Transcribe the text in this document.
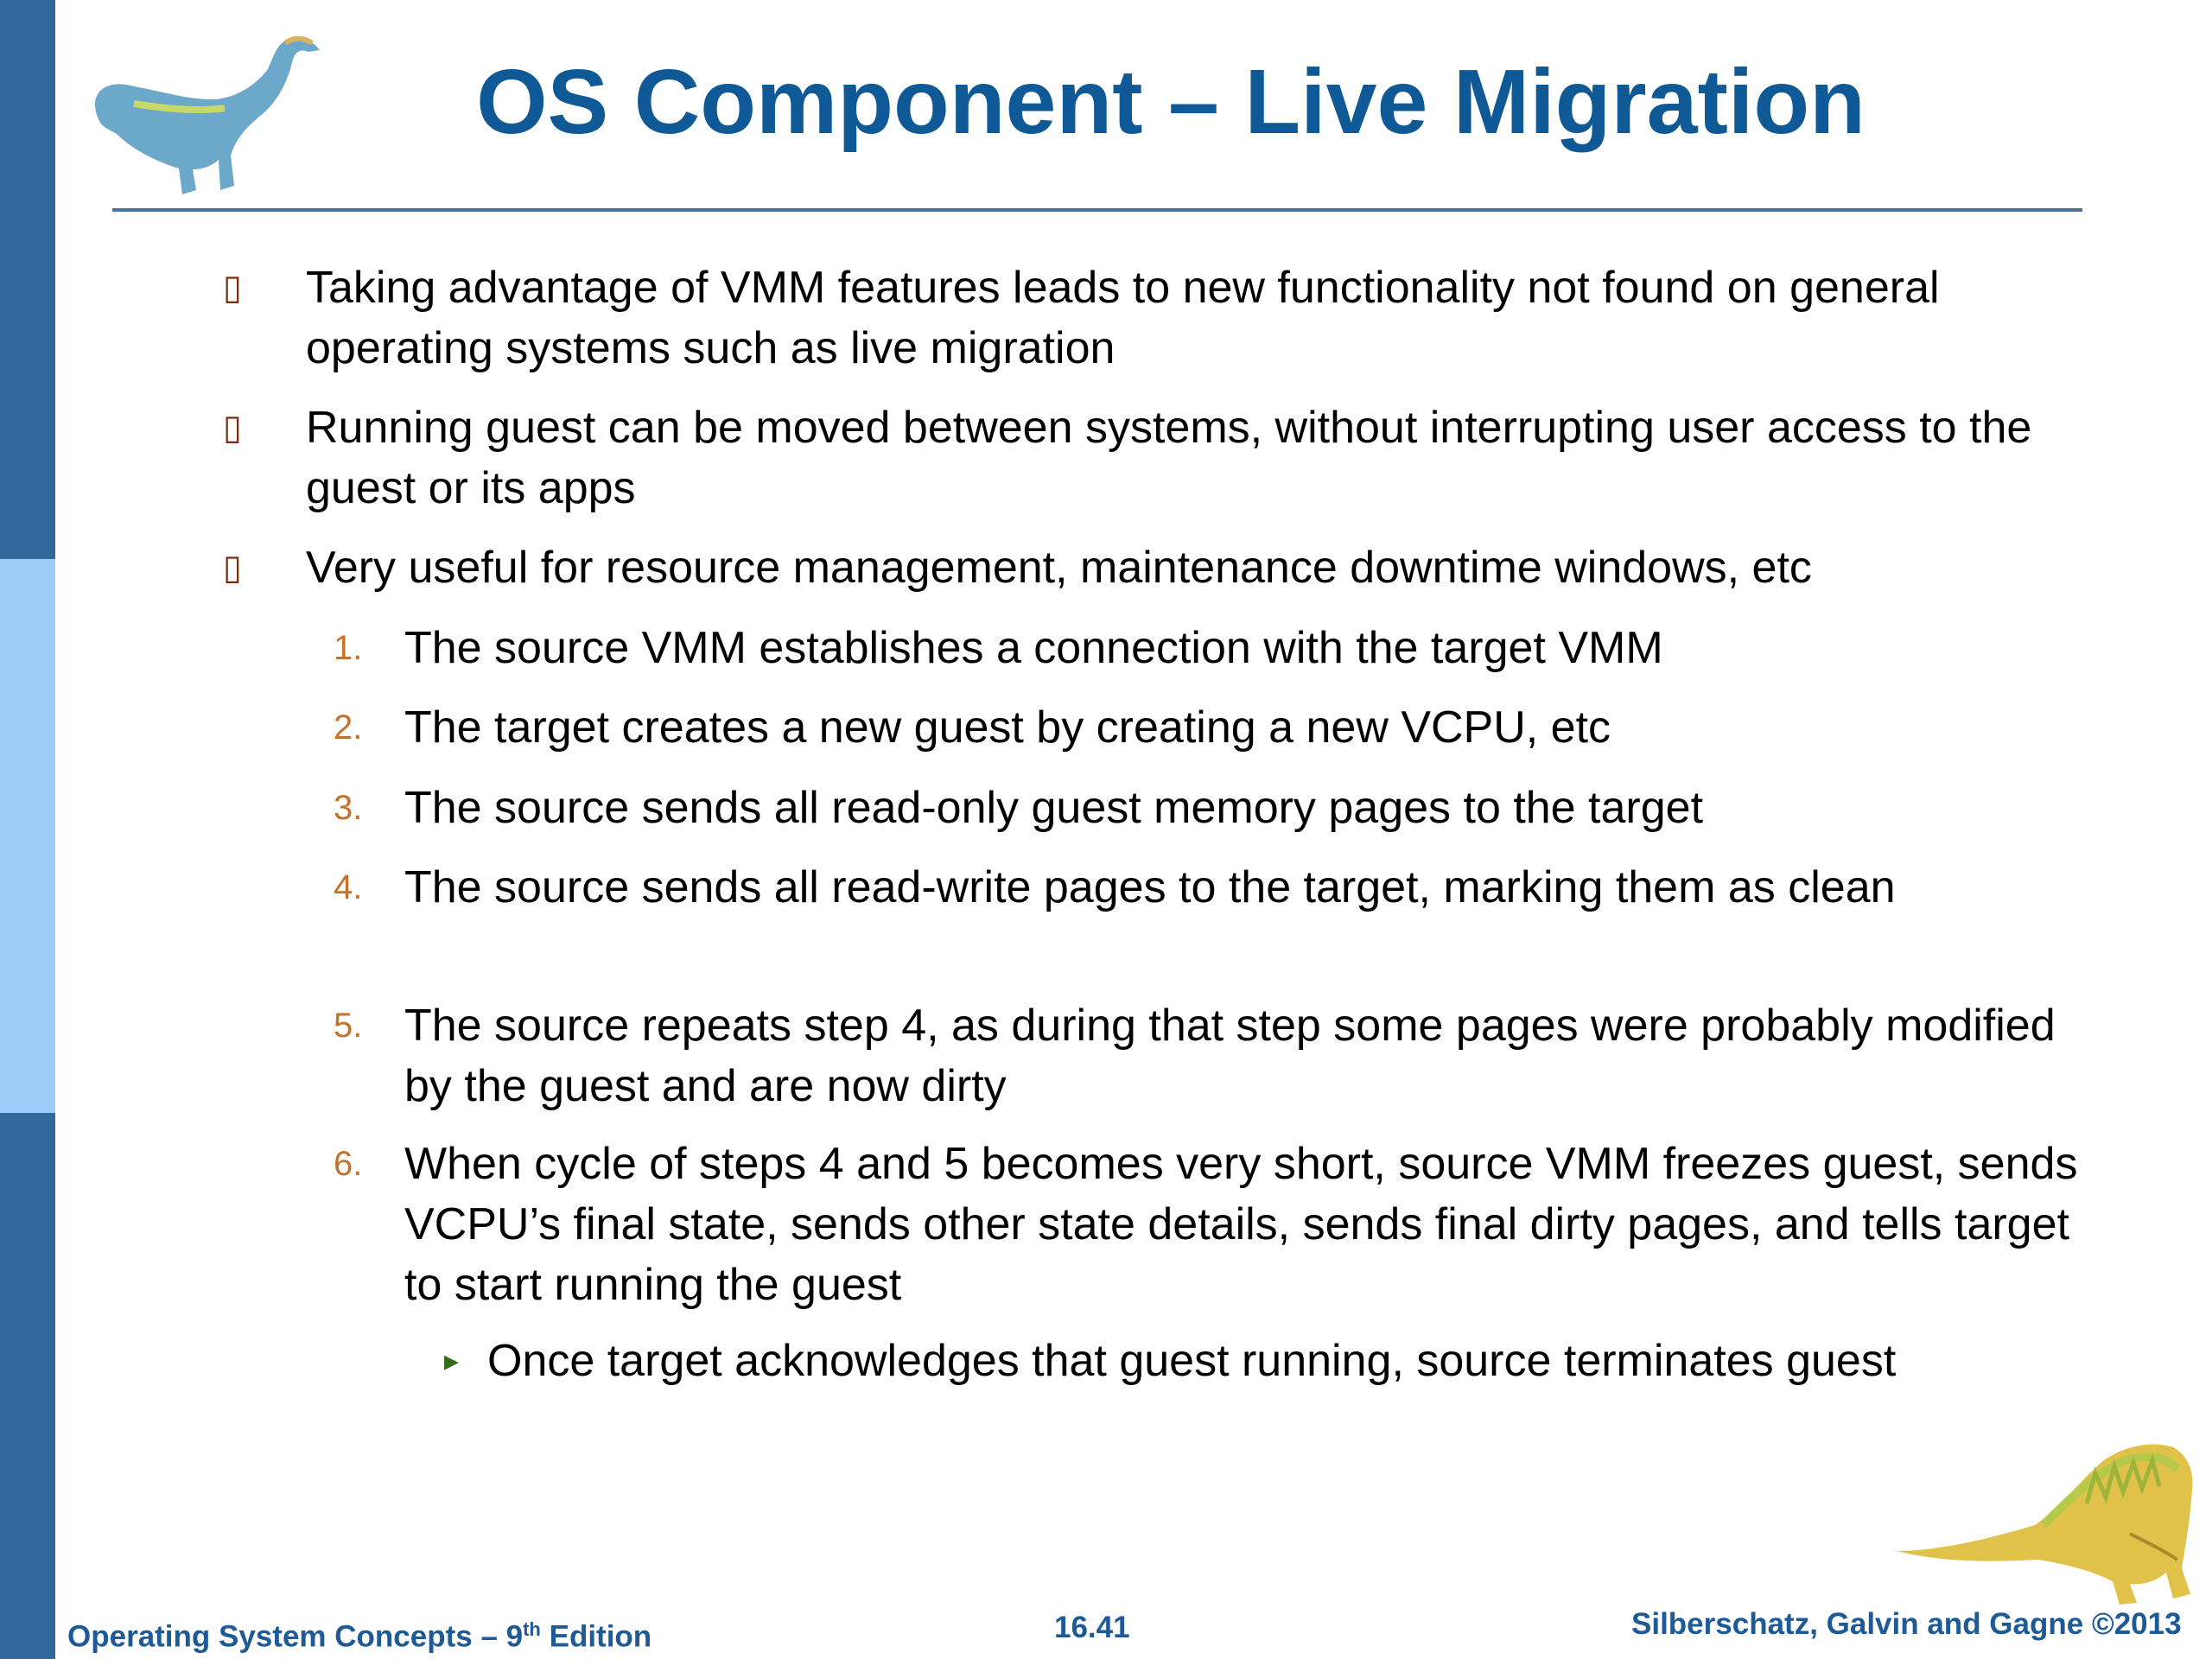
OS Component – Live Migration
▯ Taking advantage of VMM features leads to new functionality not found on general operating systems such as live migration
▯ Running guest can be moved between systems, without interrupting user access to the guest or its apps
▯ Very useful for resource management, maintenance downtime windows, etc
1. The source VMM establishes a connection with the target VMM
2. The target creates a new guest by creating a new VCPU, etc
3. The source sends all read-only guest memory pages to the target
4. The source sends all read-write pages to the target, marking them as clean
5. The source repeats step 4, as during that step some pages were probably modified by the guest and are now dirty
6. When cycle of steps 4 and 5 becomes very short, source VMM freezes guest, sends VCPU’s final state, sends other state details, sends final dirty pages, and tells target to start running the guest
▸ Once target acknowledges that guest running, source terminates guest
Operating System Concepts – 9th Edition	16.41	Silberschatz, Galvin and Gagne ©2013
